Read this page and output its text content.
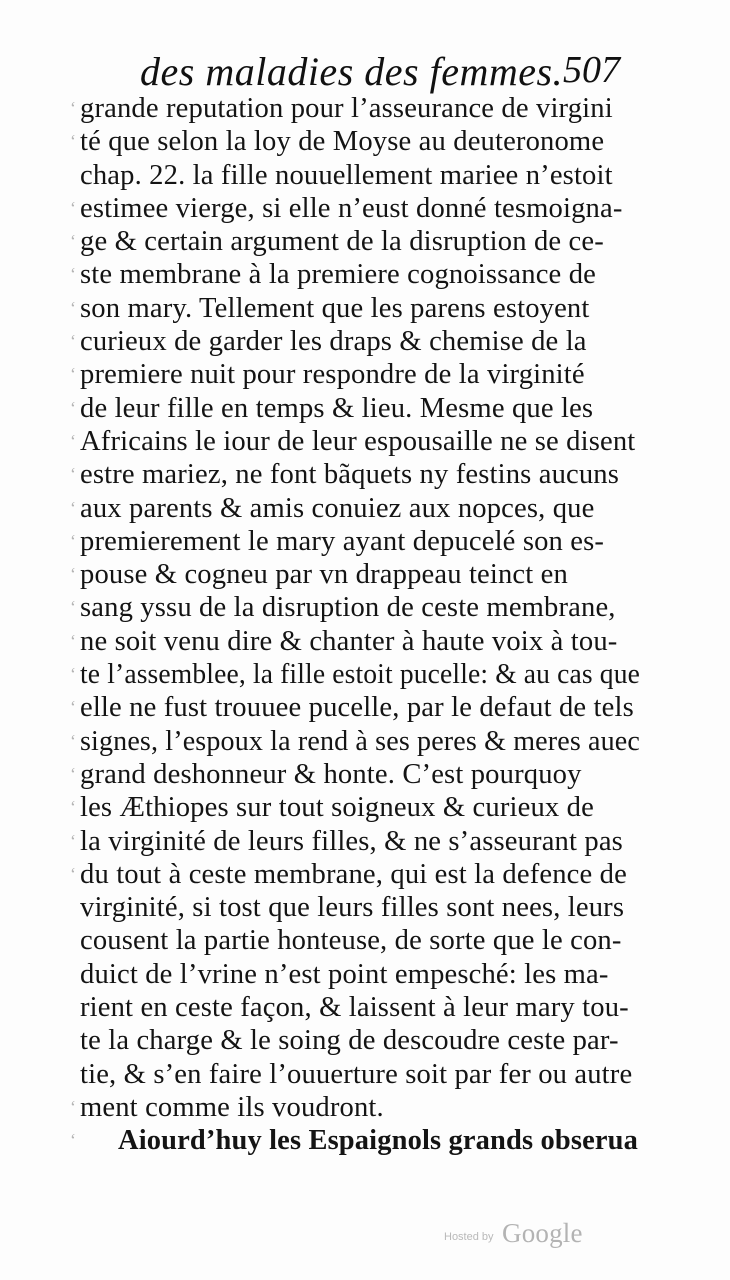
des maladies des femmes. 507
‘ grande reputation pour l’asseurance de virgini
‘ té que selon la loy de Moyse au deuteronome
chap. 22. la fille nouuellement mariee n’estoit
‘ estimee vierge, si elle n’eust donné tesmoigna-
‘ ge & certain argument de la disruption de ce-
‘ ste membrane à la premiere cognoissance de
‘ son mary. Tellement que les parens estoyent
‘ curieux de garder les draps & chemise de la
‘ premiere nuit pour respondre de la virginité
‘ de leur fille en temps & lieu. Mesme que les
‘ Africains le iour de leur espousaille ne se disent
‘ estre mariez, ne font bãquets ny festins aucuns
‘ aux parents & amis conuiez aux nopces, que
‘ premierement le mary ayant depucelé son es-
‘ pouse & cogneu par vn drappeau teinct en
‘ sang yssu de la disruption de ceste membrane,
‘ ne soit venu dire & chanter à haute voix à tou-
‘ te l’assemblee, la fille estoit pucelle: & au cas que
‘ elle ne fust trouuee pucelle, par le defaut de tels
‘ signes, l’espoux la rend à ses peres & meres auec
‘ grand deshonneur & honte. C’est pourquoy
‘ les Æthiopes sur tout soigneux & curieux de
‘ la virginité de leurs filles, & ne s’asseurant pas
‘ du tout à ceste membrane, qui est la defence de
virginité, si tost que leurs filles sont nees, leurs
cousent la partie honteuse, de sorte que le con-
duict de l’vrine n’est point empesché: les ma-
rient en ceste façon, & laissent à leur mary tou-
te la charge & le soing de descoudre ceste par-
tie, & s’en faire l’ouuerture soit par fer ou autre
‘ ment comme ils voudront.
‘ Aiourd’huy les Espaignols grands obserua
Hosted by Google
